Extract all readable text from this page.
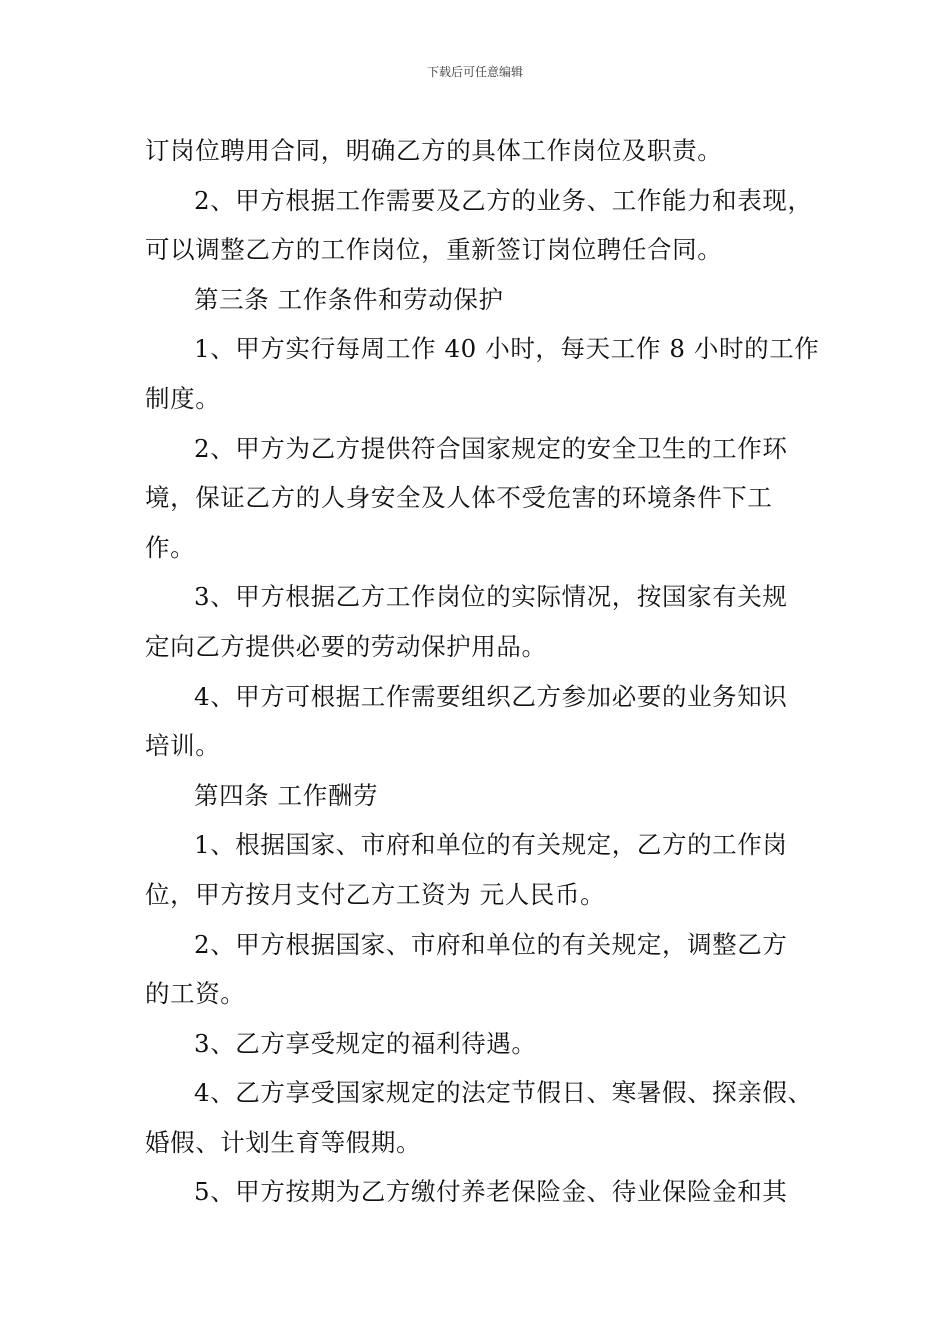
下载后可任意编辑
订岗位聘用合同，明确乙方的具体工作岗位及职责。
2、甲方根据工作需要及乙方的业务、工作能力和表现，
可以调整乙方的工作岗位，重新签订岗位聘任合同。
第三条 工作条件和劳动保护
1、甲方实行每周工作 40 小时，每天工作 8 小时的工作
制度。
2、甲方为乙方提供符合国家规定的安全卫生的工作环
境，保证乙方的人身安全及人体不受危害的环境条件下工
作。
3、甲方根据乙方工作岗位的实际情况，按国家有关规
定向乙方提供必要的劳动保护用品。
4、甲方可根据工作需要组织乙方参加必要的业务知识
培训。
第四条 工作酬劳
1、根据国家、市府和单位的有关规定，乙方的工作岗
位，甲方按月支付乙方工资为 元人民币。
2、甲方根据国家、市府和单位的有关规定，调整乙方
的工资。
3、乙方享受规定的福利待遇。
4、乙方享受国家规定的法定节假日、寒暑假、探亲假、
婚假、计划生育等假期。
5、甲方按期为乙方缴付养老保险金、待业保险金和其
